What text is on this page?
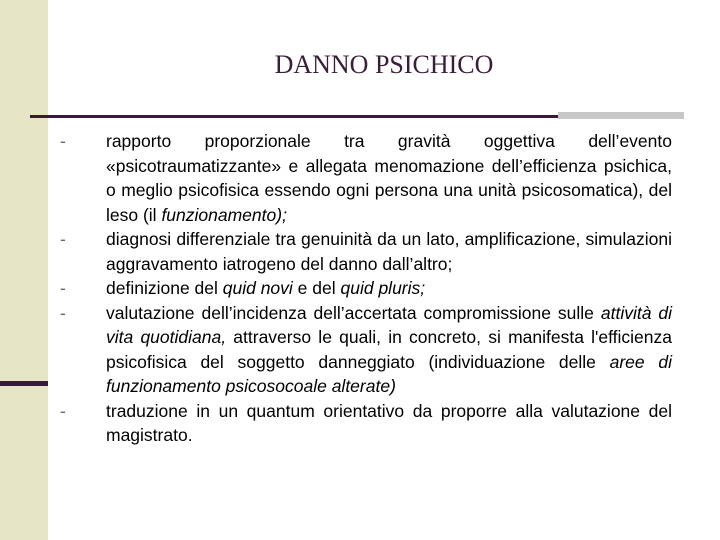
DANNO PSICHICO
-	rapporto proporzionale tra gravità oggettiva dell’evento «psicotraumatizzante» e allegata menomazione dell’efficienza psichica, o meglio psicofisica essendo ogni persona una unità psicosomatica), del leso (il funzionamento);
-	diagnosi differenziale tra genuinità da un lato, amplificazione, simulazioni aggravamento iatrogeno del danno dall’altro;
-	definizione del quid novi e del quid pluris;
-	valutazione dell’incidenza dell’accertata compromissione sulle attività di vita quotidiana, attraverso le quali, in concreto, si manifesta l'efficienza psicofisica del soggetto danneggiato (individuazione delle aree di funzionamento psicosocoale alterate)
-	traduzione in un quantum orientativo da proporre alla valutazione del magistrato.
